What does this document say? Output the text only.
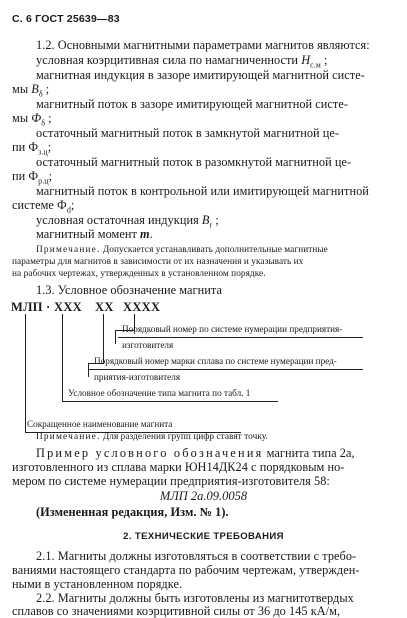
С. 6 ГОСТ 25639—83
1.2. Основными магнитными параметрами магнитов являются:
условная коэрцитивная сила по намагниченности $Н_{с.м}$ ;
магнитная индукция в зазоре имитирующей магнитной систе-
мы $В_\delta$ ;
магнитный поток в зазоре имитирующей магнитной систе-
мы $Ф_\delta$ ;
остаточный магнитный поток в замкнутой магнитной цe-
пи $Ф_{з.ц}$;
остаточный магнитный поток в разомкнутой магнитной це-
пи $Ф_{р.ц}$;
магнитный поток в контрольной или имитирующей магнитной
системе $Ф_d$;
условная остаточная индукция $B_r$ ;
магнитный момент m.
Примечание. Допускается устанавливать дополнительные магнитные
параметры для магнитов в зависимости от их назначения и указывать их
на рабочих чертежах, утвержденных в установленном порядке.
1.3. Условное обозначение магнита
МЛП · ХХХ ХХ ХХХХ
Порядковый номер по системе нумерации предприятия-
изготовителя
Порядковый номер марки сплава по системе нумерации пред-
приятия-изготовителя
Условное обозначение типа магнита по табл. 1
Сокращенное наименование магнита
Примечание. Для разделения групп цифр ставят точку.
Пример условного обозначения магнита типа 2а,
изготовленного из сплава марки ЮН14ДК24 с порядковым но-
мером по системе нумерации предприятия-изготовителя 58:
МЛП 2а.09.0058
(Измененная редакция, Изм. № 1).
2. ТЕХНИЧЕСКИЕ ТРЕБОВАНИЯ
2.1. Магниты должны изготовляться в соответствии с требо-
ваниями настоящего стандарта по рабочим чертежам, утвержден-
ными в установленном порядке.
2.2. Магниты должны быть изготовлены из магнитотвердых
сплавов со значениями коэрцитивной силы от 36 до 145 кА/м,
